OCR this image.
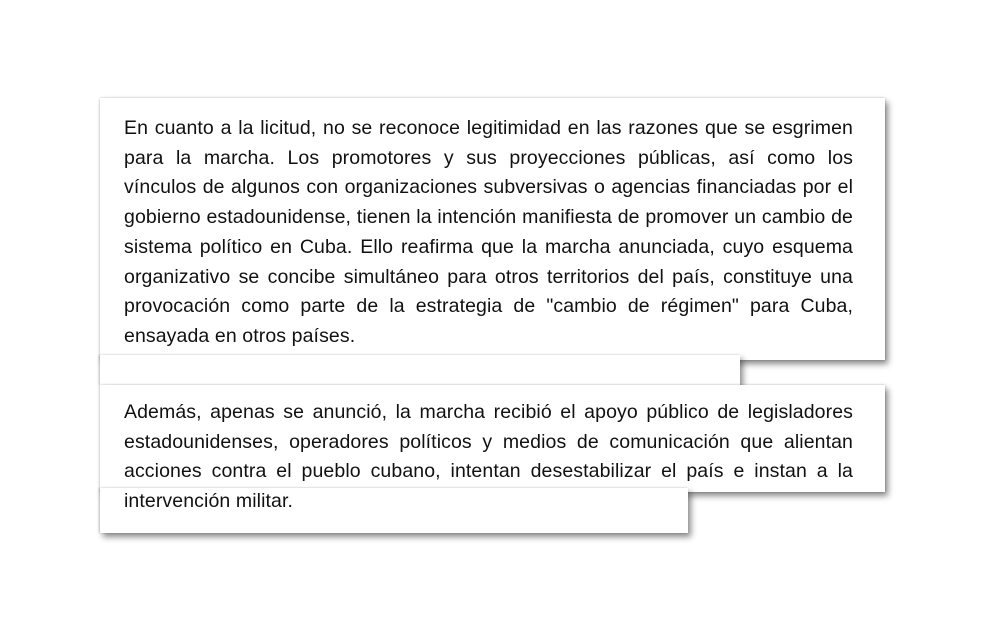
En cuanto a la licitud, no se reconoce legitimidad en las razones que se esgrimen para la marcha. Los promotores y sus proyecciones públicas, así como los vínculos de algunos con organizaciones subversivas o agencias financiadas por el gobierno estadounidense, tienen la intención manifiesta de promover un cambio de sistema político en Cuba. Ello reafirma que la marcha anunciada, cuyo esquema organizativo se concibe simultáneo para otros territorios del país, constituye una provocación como parte de la estrategia de "cambio de régimen" para Cuba, ensayada en otros países.

Además, apenas se anunció, la marcha recibió el apoyo público de legisladores estadounidenses, operadores políticos y medios de comunicación que alientan acciones contra el pueblo cubano, intentan desestabilizar el país e instan a la intervención militar.
